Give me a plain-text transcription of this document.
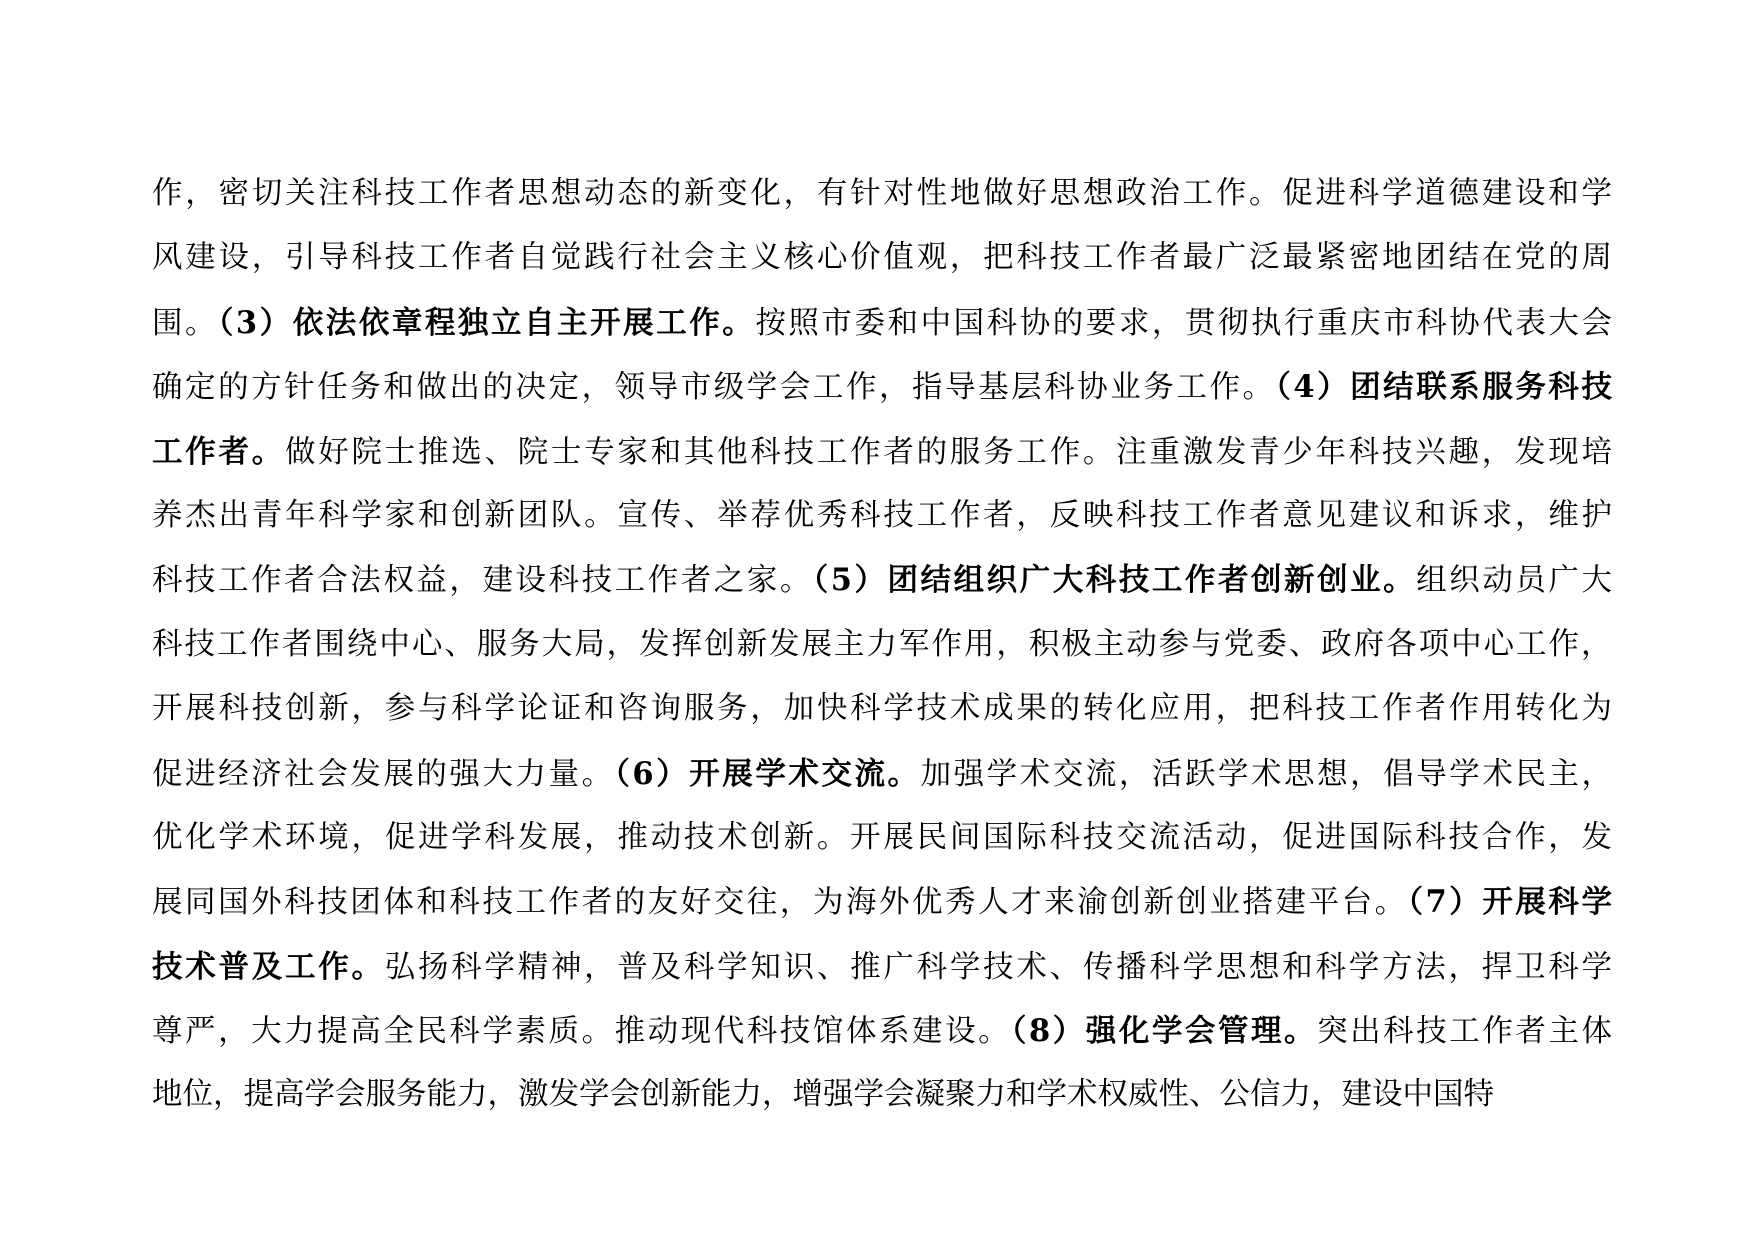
作，密切关注科技工作者思想动态的新变化，有针对性地做好思想政治工作。促进科学道德建设和学
风建设，引导科技工作者自觉践行社会主义核心价值观，把科技工作者最广泛最紧密地团结在党的周
围。（3）依法依章程独立自主开展工作。按照市委和中国科协的要求，贯彻执行重庆市科协代表大会
确定的方针任务和做出的决定，领导市级学会工作，指导基层科协业务工作。（4）团结联系服务科技
工作者。做好院士推选、院士专家和其他科技工作者的服务工作。注重激发青少年科技兴趣，发现培
养杰出青年科学家和创新团队。宣传、举荐优秀科技工作者，反映科技工作者意见建议和诉求，维护
科技工作者合法权益，建设科技工作者之家。（5）团结组织广大科技工作者创新创业。组织动员广大
科技工作者围绕中心、服务大局，发挥创新发展主力军作用，积极主动参与党委、政府各项中心工作，
开展科技创新，参与科学论证和咨询服务，加快科学技术成果的转化应用，把科技工作者作用转化为
促进经济社会发展的强大力量。（6）开展学术交流。加强学术交流，活跃学术思想，倡导学术民主，
优化学术环境，促进学科发展，推动技术创新。开展民间国际科技交流活动，促进国际科技合作，发
展同国外科技团体和科技工作者的友好交往，为海外优秀人才来渝创新创业搭建平台。（7）开展科学
技术普及工作。弘扬科学精神，普及科学知识、推广科学技术、传播科学思想和科学方法，捍卫科学
尊严，大力提高全民科学素质。推动现代科技馆体系建设。（8）强化学会管理。突出科技工作者主体
地位，提高学会服务能力，激发学会创新能力，增强学会凝聚力和学术权威性、公信力，建设中国特
